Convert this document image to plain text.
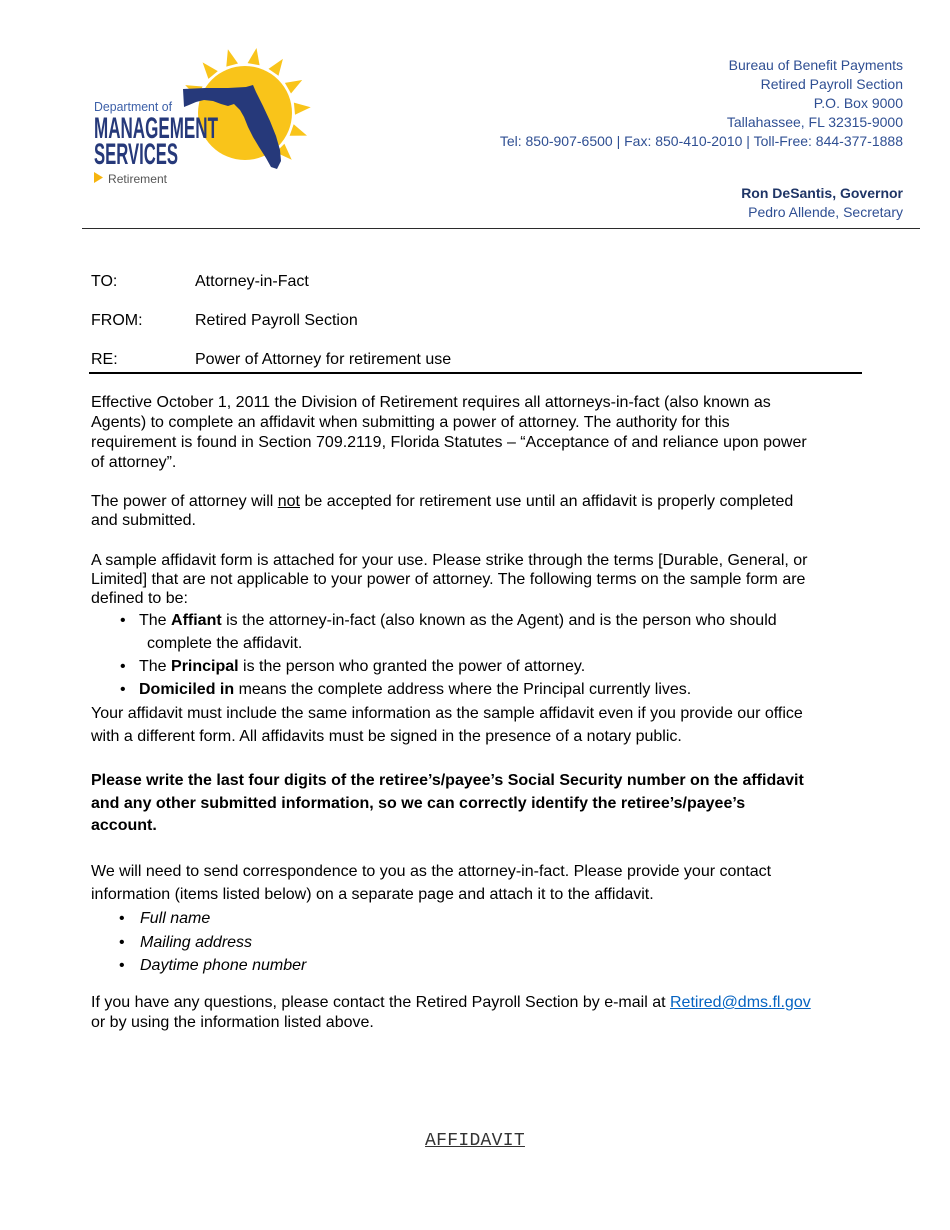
Department of
MANAGEMENT
SERVICES
Retirement
Bureau of Benefit Payments
Retired Payroll Section
P.O. Box 9000
Tallahassee, FL 32315-9000
Tel: 850-907-6500 | Fax: 850-410-2010 | Toll-Free: 844-377-1888
Ron DeSantis, Governor
Pedro Allende, Secretary
TO:	Attorney-in-Fact
FROM:	Retired Payroll Section
RE:	Power of Attorney for retirement use
Effective October 1, 2011 the Division of Retirement requires all attorneys-in-fact (also known as
Agents) to complete an affidavit when submitting a power of attorney. The authority for this
requirement is found in Section 709.2119, Florida Statutes – “Acceptance of and reliance upon power
of attorney”.
The power of attorney will not be accepted for retirement use until an affidavit is properly completed
and submitted.
A sample affidavit form is attached for your use. Please strike through the terms [Durable, General, or
Limited] that are not applicable to your power of attorney. The following terms on the sample form are
defined to be:
• The Affiant is the attorney-in-fact (also known as the Agent) and is the person who should
complete the affidavit.
• The Principal is the person who granted the power of attorney.
• Domiciled in means the complete address where the Principal currently lives.
Your affidavit must include the same information as the sample affidavit even if you provide our office
with a different form. All affidavits must be signed in the presence of a notary public.
Please write the last four digits of the retiree’s/payee’s Social Security number on the affidavit
and any other submitted information, so we can correctly identify the retiree’s/payee’s
account.
We will need to send correspondence to you as the attorney-in-fact. Please provide your contact
information (items listed below) on a separate page and attach it to the affidavit.
• Full name
• Mailing address
• Daytime phone number
If you have any questions, please contact the Retired Payroll Section by e-mail at Retired@dms.fl.gov
or by using the information listed above.
AFFIDAVIT
